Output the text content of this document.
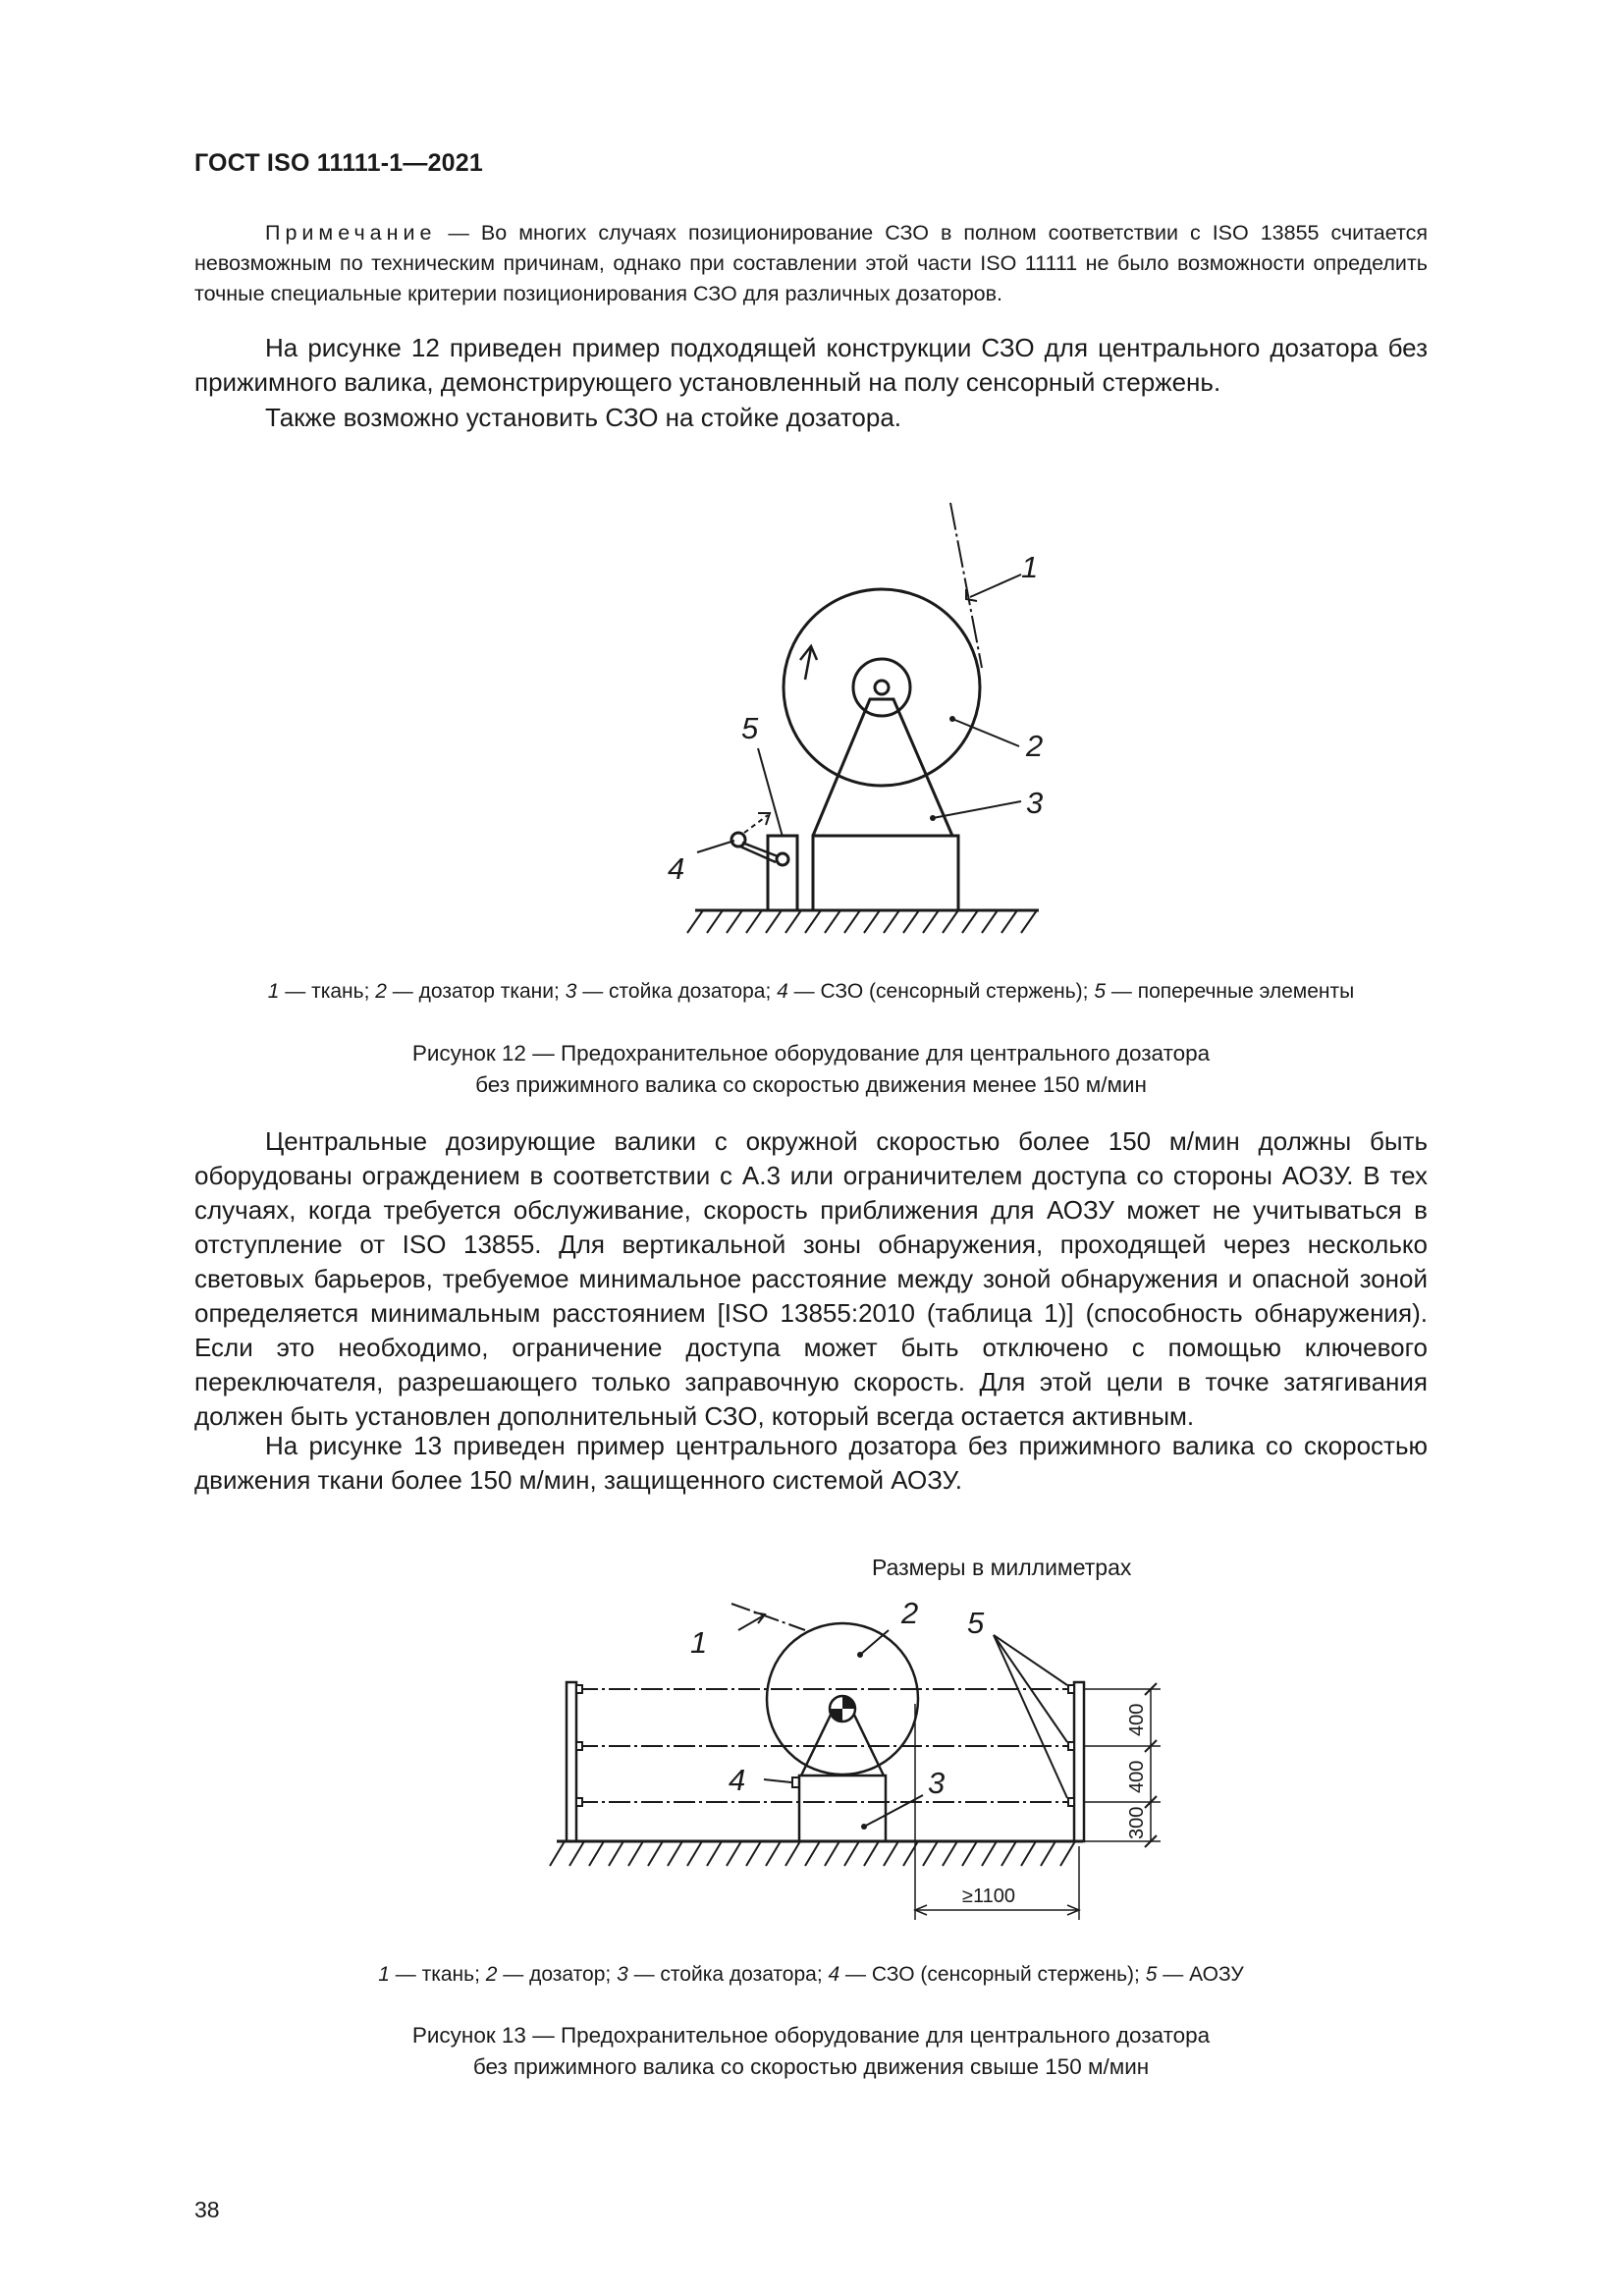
ГОСТ ISO 11111-1—2021
Примечание — Во многих случаях позиционирование СЗО в полном соответствии с ISO 13855 считается невозможным по техническим причинам, однако при составлении этой части ISO 11111 не было возможности определить точные специальные критерии позиционирования СЗО для различных дозаторов.
На рисунке 12 приведен пример подходящей конструкции СЗО для центрального дозатора без прижимного валика, демонстрирующего установленный на полу сенсорный стержень.
Также возможно установить СЗО на стойке дозатора.
1
2
3
4
5
1 — ткань; 2 — дозатор ткани; 3 — стойка дозатора; 4 — СЗО (сенсорный стержень); 5 — поперечные элементы
Рисунок 12 — Предохранительное оборудование для центрального дозатора
без прижимного валика со скоростью движения менее 150 м/мин
Центральные дозирующие валики с окружной скоростью более 150 м/мин должны быть оборудованы ограждением в соответствии с А.3 или ограничителем доступа со стороны АОЗУ. В тех случаях, когда требуется обслуживание, скорость приближения для АОЗУ может не учитываться в отступление от ISO 13855. Для вертикальной зоны обнаружения, проходящей через несколько световых барьеров, требуемое минимальное расстояние между зоной обнаружения и опасной зоной определяется минимальным расстоянием [ISO 13855:2010 (таблица 1)] (способность обнаружения). Если это необходимо, ограничение доступа может быть отключено с помощью ключевого переключателя, разрешающего только заправочную скорость. Для этой цели в точке затягивания должен быть установлен дополнительный СЗО, который всегда остается активным.
На рисунке 13 приведен пример центрального дозатора без прижимного валика со скоростью движения ткани более 150 м/мин, защищенного системой АОЗУ.
Размеры в миллиметрах
1
2
3
4
5
400
400
300
≥1100
1 — ткань; 2 — дозатор; 3 — стойка дозатора; 4 — СЗО (сенсорный стержень); 5 — АОЗУ
Рисунок 13 — Предохранительное оборудование для центрального дозатора
без прижимного валика со скоростью движения свыше 150 м/мин
38
